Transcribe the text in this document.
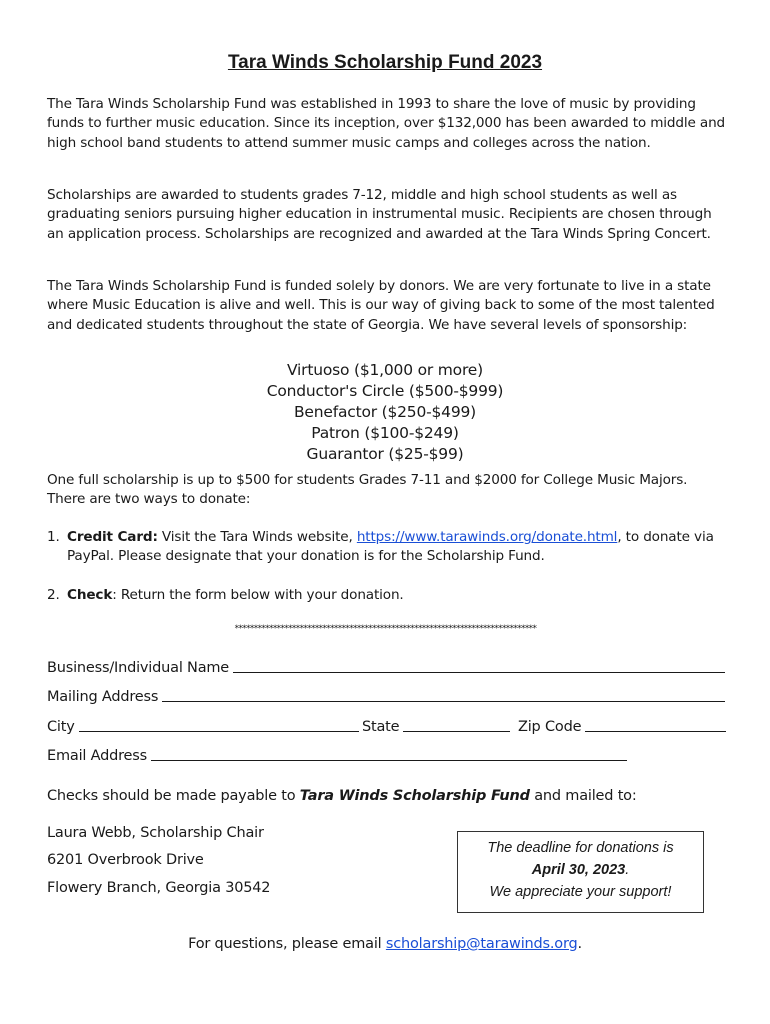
Tara Winds Scholarship Fund 2023

The Tara Winds Scholarship Fund was established in 1993 to share the love of music by providing funds to further music education. Since its inception, over $132,000 has been awarded to middle and high school band students to attend summer music camps and colleges across the nation.

Scholarships are awarded to students grades 7-12, middle and high school students as well as graduating seniors pursuing higher education in instrumental music. Recipients are chosen through an application process. Scholarships are recognized and awarded at the Tara Winds Spring Concert.

The Tara Winds Scholarship Fund is funded solely by donors. We are very fortunate to live in a state where Music Education is alive and well. This is our way of giving back to some of the most talented and dedicated students throughout the state of Georgia. We have several levels of sponsorship:

Virtuoso ($1,000 or more)
Conductor's Circle ($500-$999)
Benefactor ($250-$499)
Patron ($100-$249)
Guarantor ($25-$99)

One full scholarship is up to $500 for students Grades 7-11 and $2000 for College Music Majors. There are two ways to donate:

1. Credit Card: Visit the Tara Winds website, https://www.tarawinds.org/donate.html, to donate via PayPal. Please designate that your donation is for the Scholarship Fund.
2. Check: Return the form below with your donation.
*******************************************************************************
Business/Individual Name
Mailing Address
City	State	Zip Code
Email Address
Checks should be made payable to Tara Winds Scholarship Fund and mailed to:
Laura Webb, Scholarship Chair
6201 Overbrook Drive
Flowery Branch, Georgia 30542
The deadline for donations is
April 30, 2023.
We appreciate your support!
For questions, please email scholarship@tarawinds.org.
